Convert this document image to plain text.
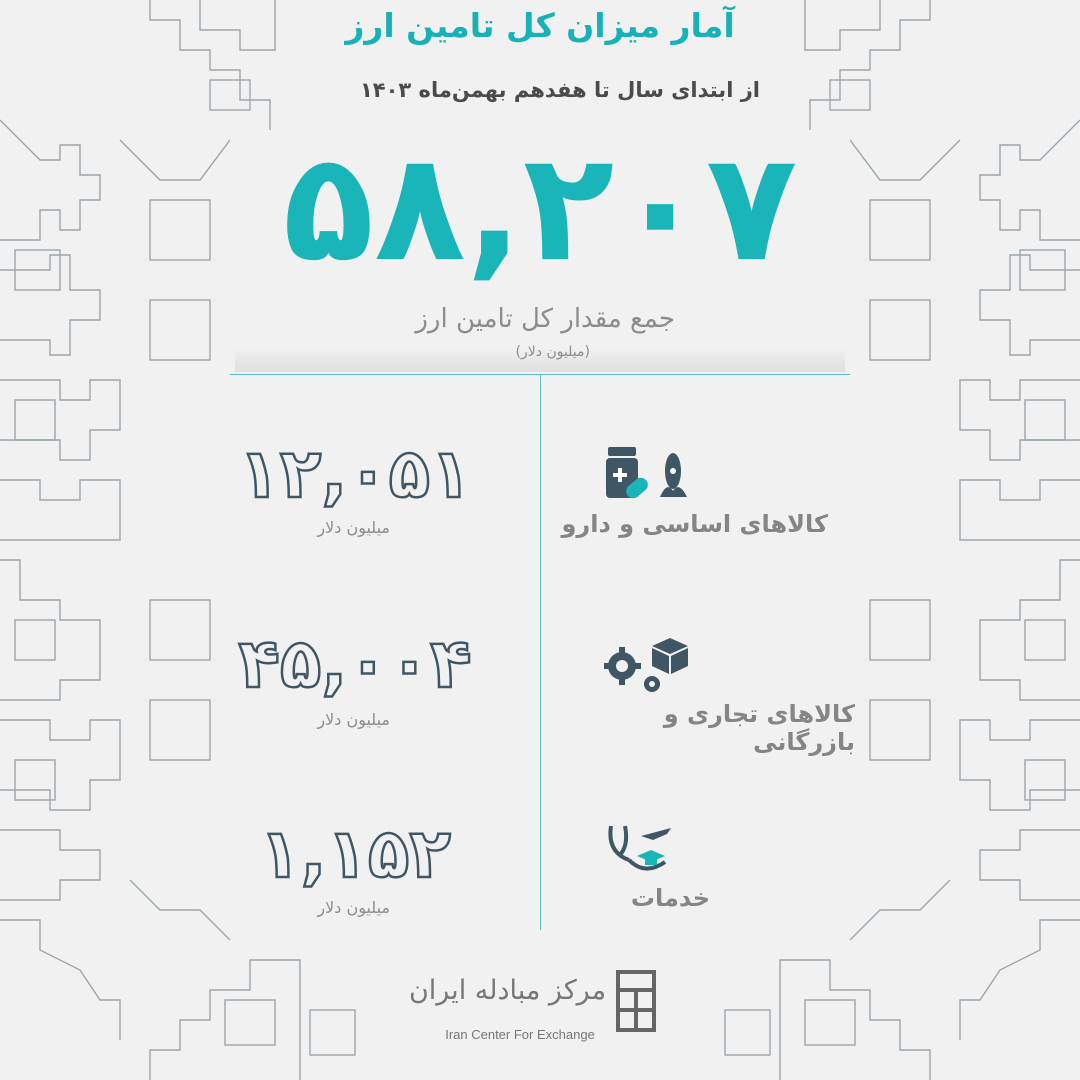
آمار میزان کل تامین ارز
از ابتدای سال تا هفدهم بهمن‌ماه ۱۴۰۳
۵۸,۲۰۷
جمع مقدار کل تامین ارز
(میلیون دلار)
۱۲,۰۵۱
میلیون دلار	کالاهای اساسی و دارو
۴۵,۰۰۴
میلیون دلار	کالاهای تجاری و بازرگانی
۱,۱۵۲
میلیون دلار	خدمات
مرکز مبادله ایران
Iran Center For Exchange
